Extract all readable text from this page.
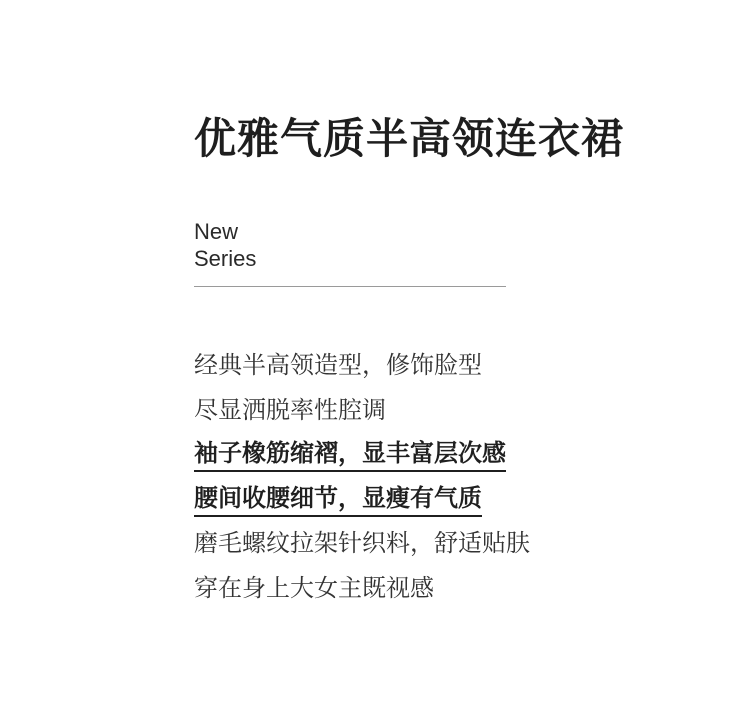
优雅气质半高领连衣裙
New
Series
经典半高领造型，修饰脸型
尽显洒脱率性腔调
袖子橡筋缩褶，显丰富层次感
腰间收腰细节，显瘦有气质
磨毛螺纹拉架针织料，舒适贴肤
穿在身上大女主既视感
